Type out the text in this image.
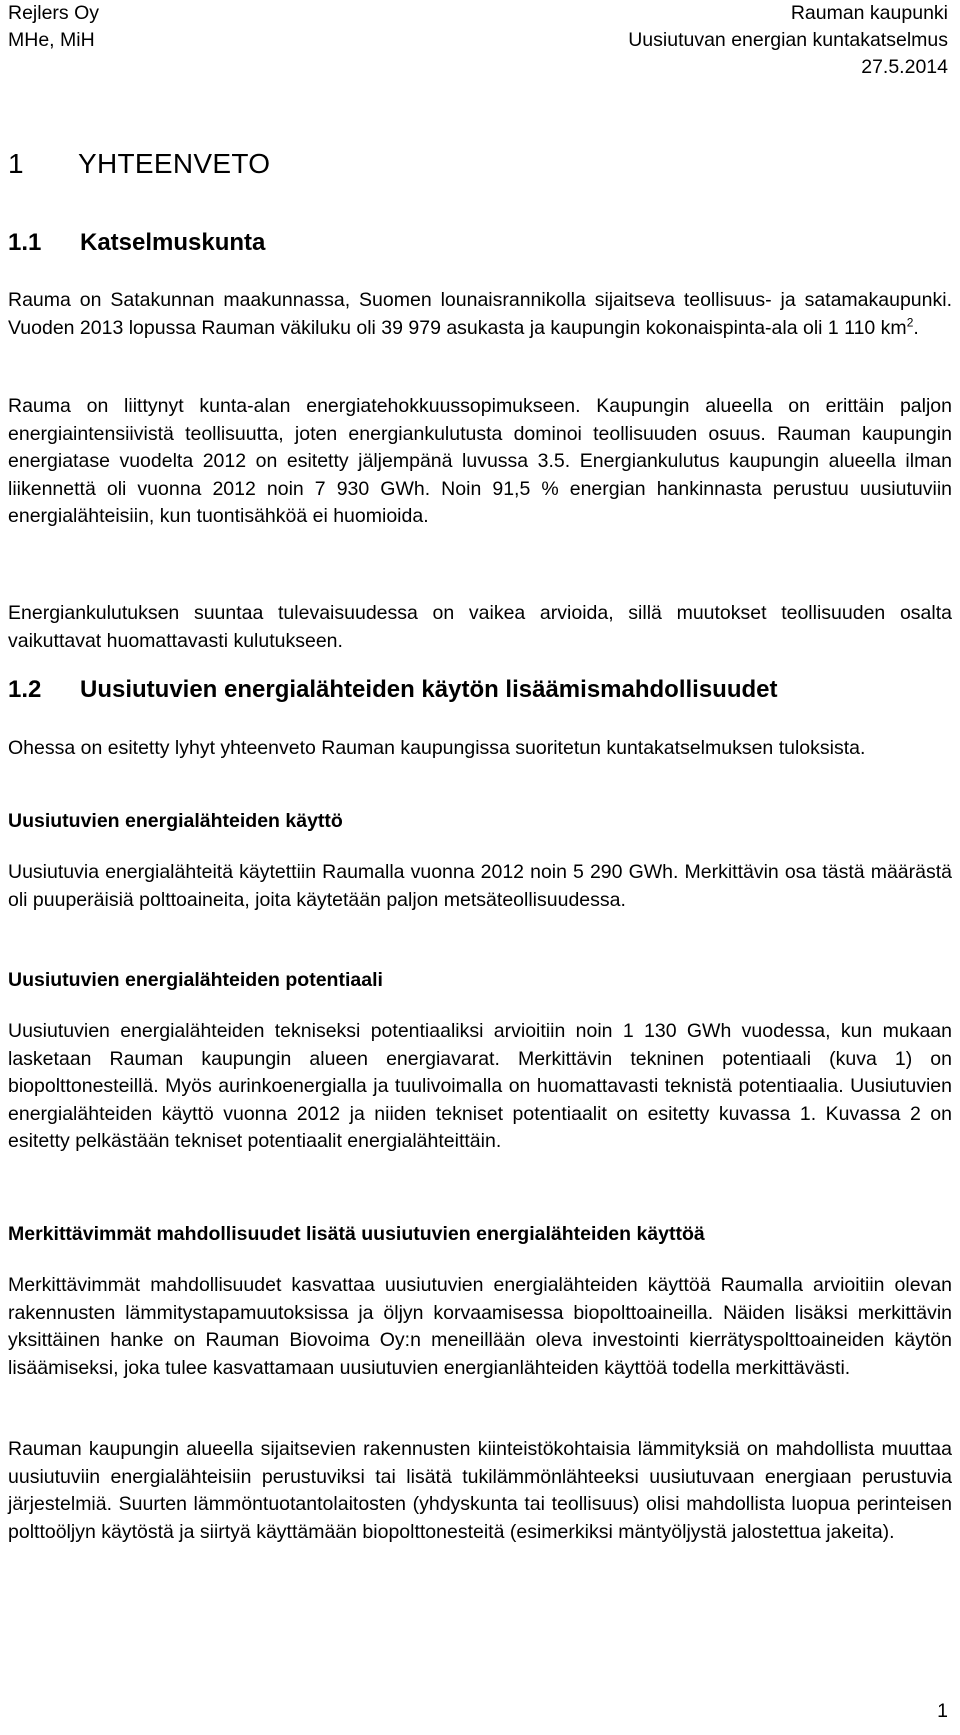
Rejlers Oy
MHe, MiH
Rauman kaupunki
Uusiutuvan energian kuntakatselmus
27.5.2014
1 YHTEENVETO
1.1 Katselmuskunta

Rauma on Satakunnan maakunnassa, Suomen lounaisrannikolla sijaitseva teollisuus- ja satamakaupunki. Vuoden 2013 lopussa Rauman väkiluku oli 39 979 asukasta ja kaupungin kokonaispinta-ala oli 1 110 $km^2$.

Rauma on liittynyt kunta-alan energiatehokkuussopimukseen. Kaupungin alueella on erittäin paljon energiaintensiivistä teollisuutta, joten energiankulutusta dominoi teollisuuden osuus. Rauman kaupungin energiatase vuodelta 2012 on esitetty jäljempänä luvussa 3.5. Energiankulutus kaupungin alueella ilman liikennettä oli vuonna 2012 noin 7 930 GWh. Noin 91,5 % energian hankinnasta perustuu uusiutuviin energialähteisiin, kun tuontisähköä ei huomioida.

Energiankulutuksen suuntaa tulevaisuudessa on vaikea arvioida, sillä muutokset teollisuuden osalta vaikuttavat huomattavasti kulutukseen.

1.2 Uusiutuvien energialähteiden käytön lisäämismahdollisuudet

Ohessa on esitetty lyhyt yhteenveto Rauman kaupungissa suoritetun kuntakatselmuksen tuloksista.

Uusiutuvien energialähteiden käyttö

Uusiutuvia energialähteitä käytettiin Raumalla vuonna 2012 noin 5 290 GWh. Merkittävin osa tästä määrästä oli puuperäisiä polttoaineita, joita käytetään paljon metsäteollisuudessa.

Uusiutuvien energialähteiden potentiaali

Uusiutuvien energialähteiden tekniseksi potentiaaliksi arvioitiin noin 1 130 GWh vuodessa, kun mukaan lasketaan Rauman kaupungin alueen energiavarat. Merkittävin tekninen potentiaali (kuva 1) on biopolttonesteillä. Myös aurinkoenergialla ja tuulivoimalla on huomattavasti teknistä potentiaalia. Uusiutuvien energialähteiden käyttö vuonna 2012 ja niiden tekniset potentiaalit on esitetty kuvassa 1. Kuvassa 2 on esitetty pelkästään tekniset potentiaalit energialähteittäin.

Merkittävimmät mahdollisuudet lisätä uusiutuvien energialähteiden käyttöä

Merkittävimmät mahdollisuudet kasvattaa uusiutuvien energialähteiden käyttöä Raumalla arvioitiin olevan rakennusten lämmitystapamuutoksissa ja öljyn korvaamisessa biopolttoaineilla. Näiden lisäksi merkittävin yksittäinen hanke on Rauman Biovoima Oy:n meneillään oleva investointi kierrätyspolttoaineiden käytön lisäämiseksi, joka tulee kasvattamaan uusiutuvien energianlähteiden käyttöä todella merkittävästi.

Rauman kaupungin alueella sijaitsevien rakennusten kiinteistökohtaisia lämmityksiä on mahdollista muuttaa uusiutuviin energialähteisiin perustuviksi tai lisätä tukilämmönlähteeksi uusiutuvaan energiaan perustuvia järjestelmiä. Suurten lämmöntuotantolaitosten (yhdyskunta tai teollisuus) olisi mahdollista luopua perinteisen polttoöljyn käytöstä ja siirtyä käyttämään biopolttonesteitä (esimerkiksi mäntyöljystä jalostettua jakeita).

1
